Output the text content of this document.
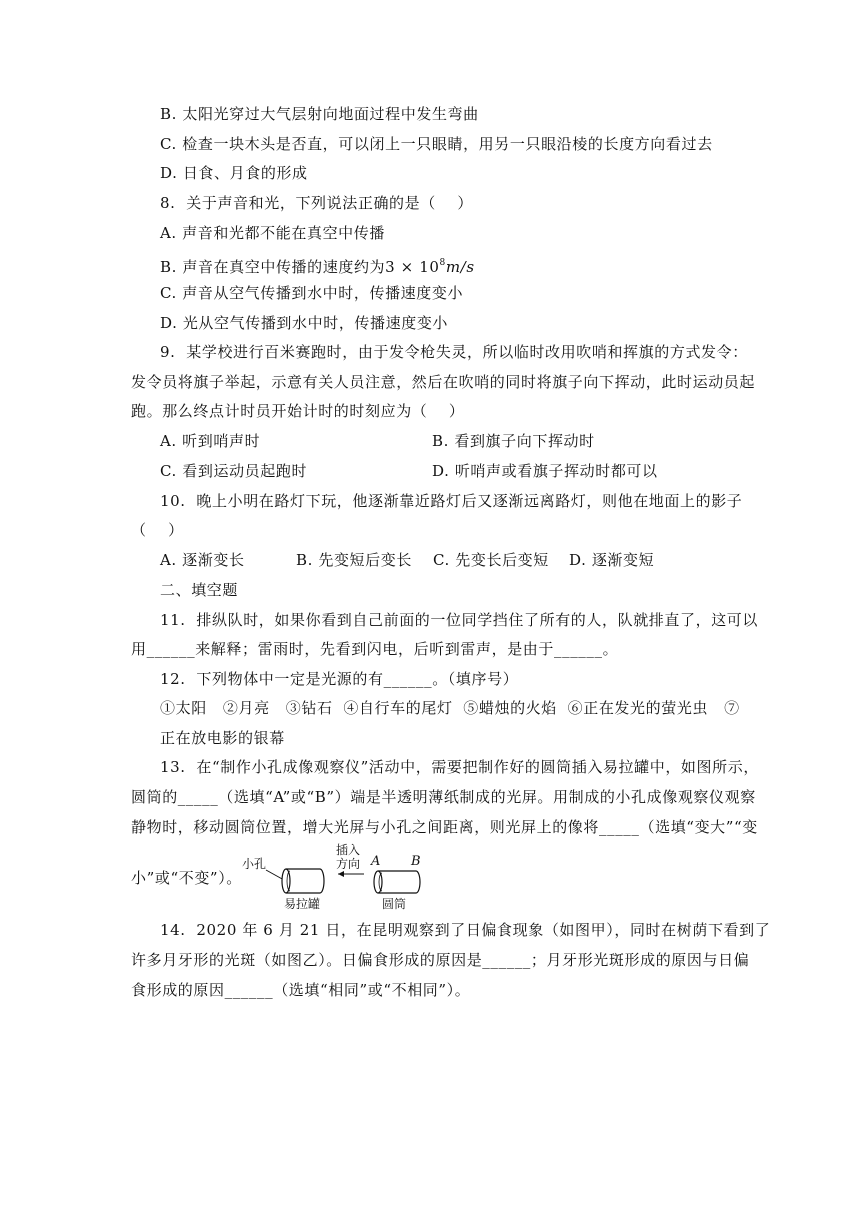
B. 太阳光穿过大气层射向地面过程中发生弯曲
C. 检查一块木头是否直，可以闭上一只眼睛，用另一只眼沿棱的长度方向看过去
D. 日食、月食的形成
8.  关于声音和光，下列说法正确的是（    ）
A. 声音和光都不能在真空中传播
B. 声音在真空中传播的速度约为$3 \times 10^8m/s$
C. 声音从空气传播到水中时，传播速度变小
D. 光从空气传播到水中时，传播速度变小
9.  某学校进行百米赛跑时，由于发令枪失灵，所以临时改用吹哨和挥旗的方式发令：
发令员将旗子举起，示意有关人员注意，然后在吹哨的同时将旗子向下挥动，此时运动员起
跑。那么终点计时员开始计时的时刻应为（    ）
A. 听到哨声时	B. 看到旗子向下挥动时
C. 看到运动员起跑时	D. 听哨声或看旗子挥动时都可以
10.  晚上小明在路灯下玩，他逐渐靠近路灯后又逐渐远离路灯，则他在地面上的影子
（    ）
A. 逐渐变长	B. 先变短后变长 C. 先变长后变短 D. 逐渐变短
二、填空题
11.  排纵队时，如果你看到自己前面的一位同学挡住了所有的人，队就排直了，这可以
用______来解释；雷雨时，先看到闪电，后听到雷声，是由于______。
12.  下列物体中一定是光源的有______。（填序号）
①太阳   ②月亮   ③钻石  ④自行车的尾灯  ⑤蜡烛的火焰  ⑥正在发光的萤光虫   ⑦
正在放电影的银幕
13.  在“制作小孔成像观察仪”活动中，需要把制作好的圆筒插入易拉罐中，如图所示，
圆筒的_____（选填“A”或“B”）端是半透明薄纸制成的光屏。用制成的小孔成像观察仪观察
静物时，移动圆筒位置，增大光屏与小孔之间距离，则光屏上的像将_____（选填“变大”“变
小”或“不变”）。
小孔
易拉罐
插入
方向 A B
圆筒
14.  2020 年 6 月 21 日，在昆明观察到了日偏食现象（如图甲），同时在树荫下看到了
许多月牙形的光斑（如图乙）。日偏食形成的原因是______；月牙形光斑形成的原因与日偏
食形成的原因______（选填“相同”或“不相同”）。
